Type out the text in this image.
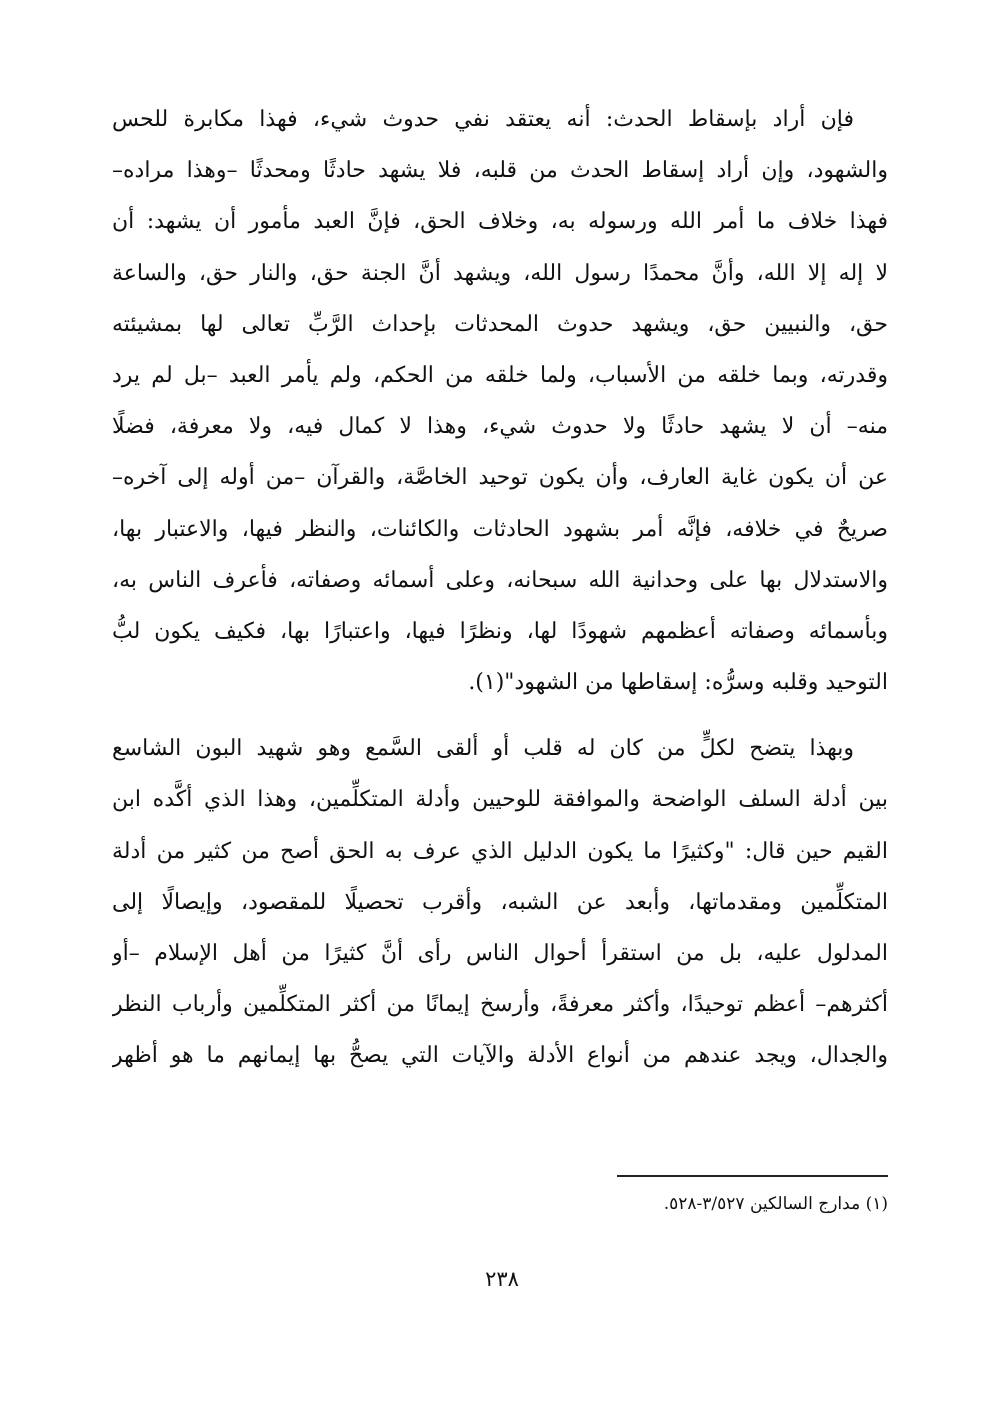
فإن أراد بإسقاط الحدث: أنه يعتقد نفي حدوث شيء، فهذا مكابرة للحس
والشهود، وإن أراد إسقاط الحدث من قلبه، فلا يشهد حادثًا ومحدثًا –وهذا مراده–
فهذا خلاف ما أمر الله ورسوله به، وخلاف الحق، فإنَّ العبد مأمور أن يشهد: أن
لا إله إلا الله، وأنَّ محمدًا رسول الله، ويشهد أنَّ الجنة حق، والنار حق، والساعة
حق، والنبيين حق، ويشهد حدوث المحدثات بإحداث الرَّبِّ تعالى لها بمشيئته
وقدرته، وبما خلقه من الأسباب، ولما خلقه من الحكم، ولم يأمر العبد –بل لم يرد
منه– أن لا يشهد حادثًا ولا حدوث شيء، وهذا لا كمال فيه، ولا معرفة، فضلًا
عن أن يكون غاية العارف، وأن يكون توحيد الخاصَّة، والقرآن –من أوله إلى آخره–
صريحٌ في خلافه، فإنَّه أمر بشهود الحادثات والكائنات، والنظر فيها، والاعتبار بها،
والاستدلال بها على وحدانية الله سبحانه، وعلى أسمائه وصفاته، فأعرف الناس به،
وبأسمائه وصفاته أعظمهم شهودًا لها، ونظرًا فيها، واعتبارًا بها، فكيف يكون لبُّ
التوحيد وقلبه وسرُّه: إسقاطها من الشهود"(١).
وبهذا يتضح لكلٍّ من كان له قلب أو ألقى السَّمع وهو شهيد البون الشاسع
بين أدلة السلف الواضحة والموافقة للوحيين وأدلة المتكلِّمين، وهذا الذي أكَّده ابن
القيم حين قال: "وكثيرًا ما يكون الدليل الذي عرف به الحق أصح من كثير من أدلة
المتكلِّمين ومقدماتها، وأبعد عن الشبه، وأقرب تحصيلًا للمقصود، وإيصالًا إلى
المدلول عليه، بل من استقرأ أحوال الناس رأى أنَّ كثيرًا من أهل الإسلام –أو
أكثرهم– أعظم توحيدًا، وأكثر معرفةً، وأرسخ إيمانًا من أكثر المتكلِّمين وأرباب النظر
والجدال، ويجد عندهم من أنواع الأدلة والآيات التي يصحُّ بها إيمانهم ما هو أظهر
(١) مدارج السالكين ٣/٥٢٧-٥٢٨.
٢٣٨
